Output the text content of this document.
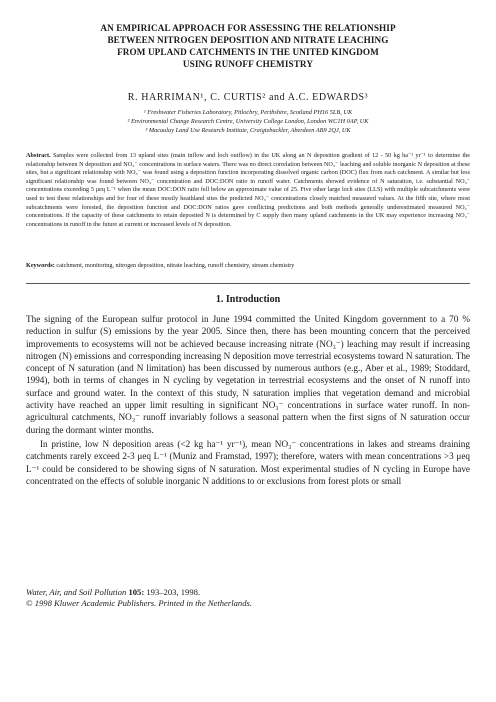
AN EMPIRICAL APPROACH FOR ASSESSING THE RELATIONSHIP
BETWEEN NITROGEN DEPOSITION AND NITRATE LEACHING
FROM UPLAND CATCHMENTS IN THE UNITED KINGDOM
USING RUNOFF CHEMISTRY
R. HARRIMAN¹, C. CURTIS² and A.C. EDWARDS³
¹ Freshwater Fisheries Laboratory, Pitlochry, Perthshire, Scotland PH16 5LB, UK
² Environmental Change Research Centre, University College London, London WC1H 0AP, UK
³ Macaulay Land Use Research Institute, Craigiebuckler, Aberdeen AB9 2QJ, UK
Abstract. Samples were collected from 13 upland sites (main inflow and loch outflow) in the UK along an N deposition gradient of 12 - 50 kg ha⁻¹ yr⁻¹ to determine the relationship between N deposition and NO₃⁻ concentrations in surface waters. There was no direct correlation between NO₃⁻ leaching and soluble inorganic N deposition at these sites, but a significant relationship with NO₃⁻ was found using a deposition function incorporating dissolved organic carbon (DOC) flux from each catchment. A similar but less significant relationship was found between NO₃⁻ concentration and DOC:DON ratio in runoff water. Catchments showed evidence of N saturation, i.e. substantial NO₃⁻ concentrations exceeding 5 μeq L⁻¹ when the mean DOC:DON ratio fell below an approximate value of 25. Five other large loch sites (LLS) with multiple subcatchments were used to test these relationships and for four of these mostly heathland sites the predicted NO₃⁻ concentrations closely matched measured values. At the fifth site, where most subcatchments were forested, the deposition function and DOC:DON ratios gave conflicting predictions and both methods generally underestimated measured NO₃⁻ concentrations. If the capacity of these catchments to retain deposited N is determined by C supply then many upland catchments in the UK may experience increasing NO₃⁻ concentrations in runoff in the future at current or increased levels of N deposition.
Keywords: catchment, monitoring, nitrogen deposition, nitrate leaching, runoff chemistry, stream chemistry
1. Introduction

The signing of the European sulfur protocol in June 1994 committed the United Kingdom government to a 70 % reduction in sulfur (S) emissions by the year 2005. Since then, there has been mounting concern that the perceived improvements to ecosystems will not be achieved because increasing nitrate (NO₃⁻) leaching may result if increasing nitrogen (N) emissions and corresponding increasing N deposition move terrestrial ecosystems toward N saturation. The concept of N saturation (and N limitation) has been discussed by numerous authors (e.g., Aber et al., 1989; Stoddard, 1994), both in terms of changes in N cycling by vegetation in terrestrial ecosystems and the onset of N runoff into surface and ground water. In the context of this study, N saturation implies that vegetation demand and microbial activity have reached an upper limit resulting in significant NO₃⁻ concentrations in surface water runoff. In non-agricultural catchments, NO₃⁻ runoff invariably follows a seasonal pattern when the first signs of N saturation occur during the dormant winter months.

In pristine, low N deposition areas (<2 kg ha⁻¹ yr⁻¹), mean NO₃⁻ concentrations in lakes and streams draining catchments rarely exceed 2-3 μeq L⁻¹ (Muniz and Framstad, 1997); therefore, waters with mean concentrations >3 μeq L⁻¹ could be considered to be showing signs of N saturation. Most experimental studies of N cycling in Europe have concentrated on the effects of soluble inorganic N additions to or exclusions from forest plots or small

Water, Air, and Soil Pollution 105: 193–203, 1998.
© 1998 Kluwer Academic Publishers. Printed in the Netherlands.
